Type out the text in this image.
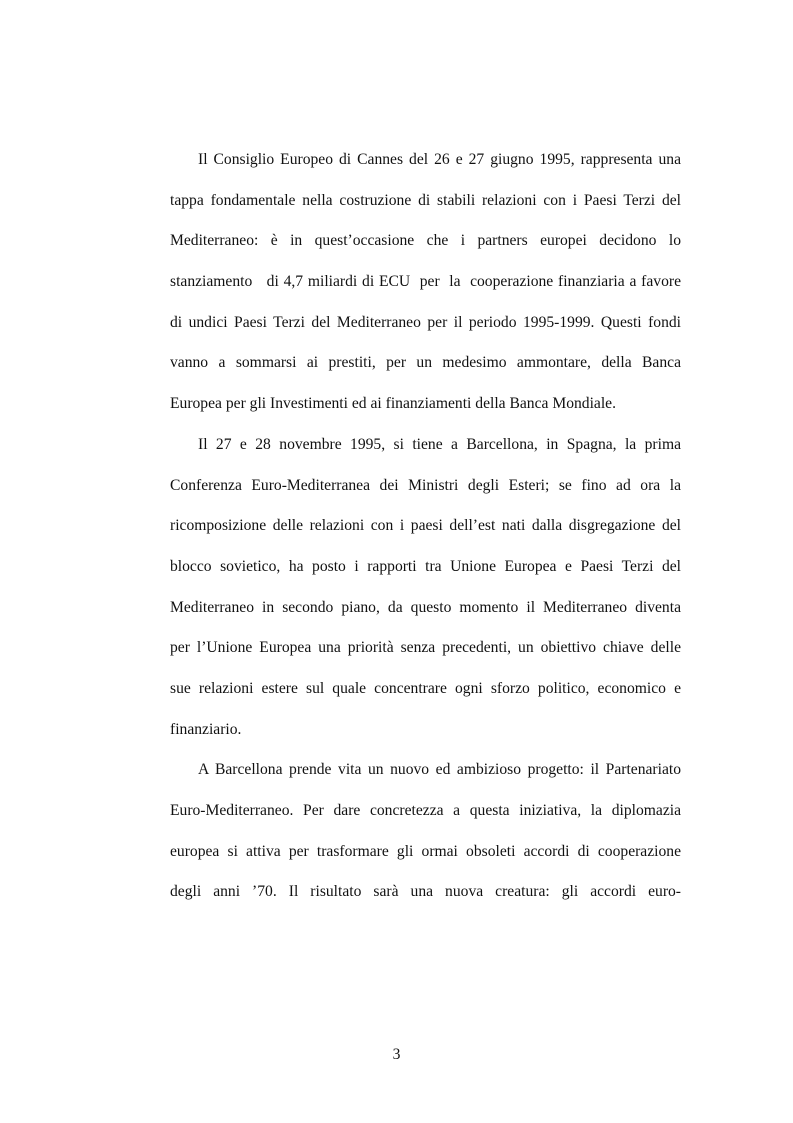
Il Consiglio Europeo di Cannes del 26 e 27 giugno 1995, rappresenta una
tappa fondamentale nella costruzione di stabili relazioni con i Paesi Terzi del
Mediterraneo: è in quest’occasione che i partners europei decidono lo
stanziamento   di 4,7 miliardi di ECU  per  la  cooperazione finanziaria a favore
di undici Paesi Terzi del Mediterraneo per il periodo 1995-1999. Questi fondi
vanno a sommarsi ai prestiti, per un medesimo ammontare, della Banca
Europea per gli Investimenti ed ai finanziamenti della Banca Mondiale.
Il 27 e 28 novembre 1995, si tiene a Barcellona, in Spagna, la prima
Conferenza Euro-Mediterranea dei Ministri degli Esteri; se fino ad ora la
ricomposizione delle relazioni con i paesi dell’est nati dalla disgregazione del
blocco sovietico, ha posto i rapporti tra Unione Europea e Paesi Terzi del
Mediterraneo in secondo piano, da questo momento il Mediterraneo diventa
per l’Unione Europea una priorità senza precedenti, un obiettivo chiave delle
sue relazioni estere sul quale concentrare ogni sforzo politico, economico e
finanziario.
A Barcellona prende vita un nuovo ed ambizioso progetto: il Partenariato
Euro-Mediterraneo. Per dare concretezza a questa iniziativa, la diplomazia
europea si attiva per trasformare gli ormai obsoleti accordi di cooperazione
degli anni ’70. Il risultato sarà una nuova creatura: gli accordi euro-
3
